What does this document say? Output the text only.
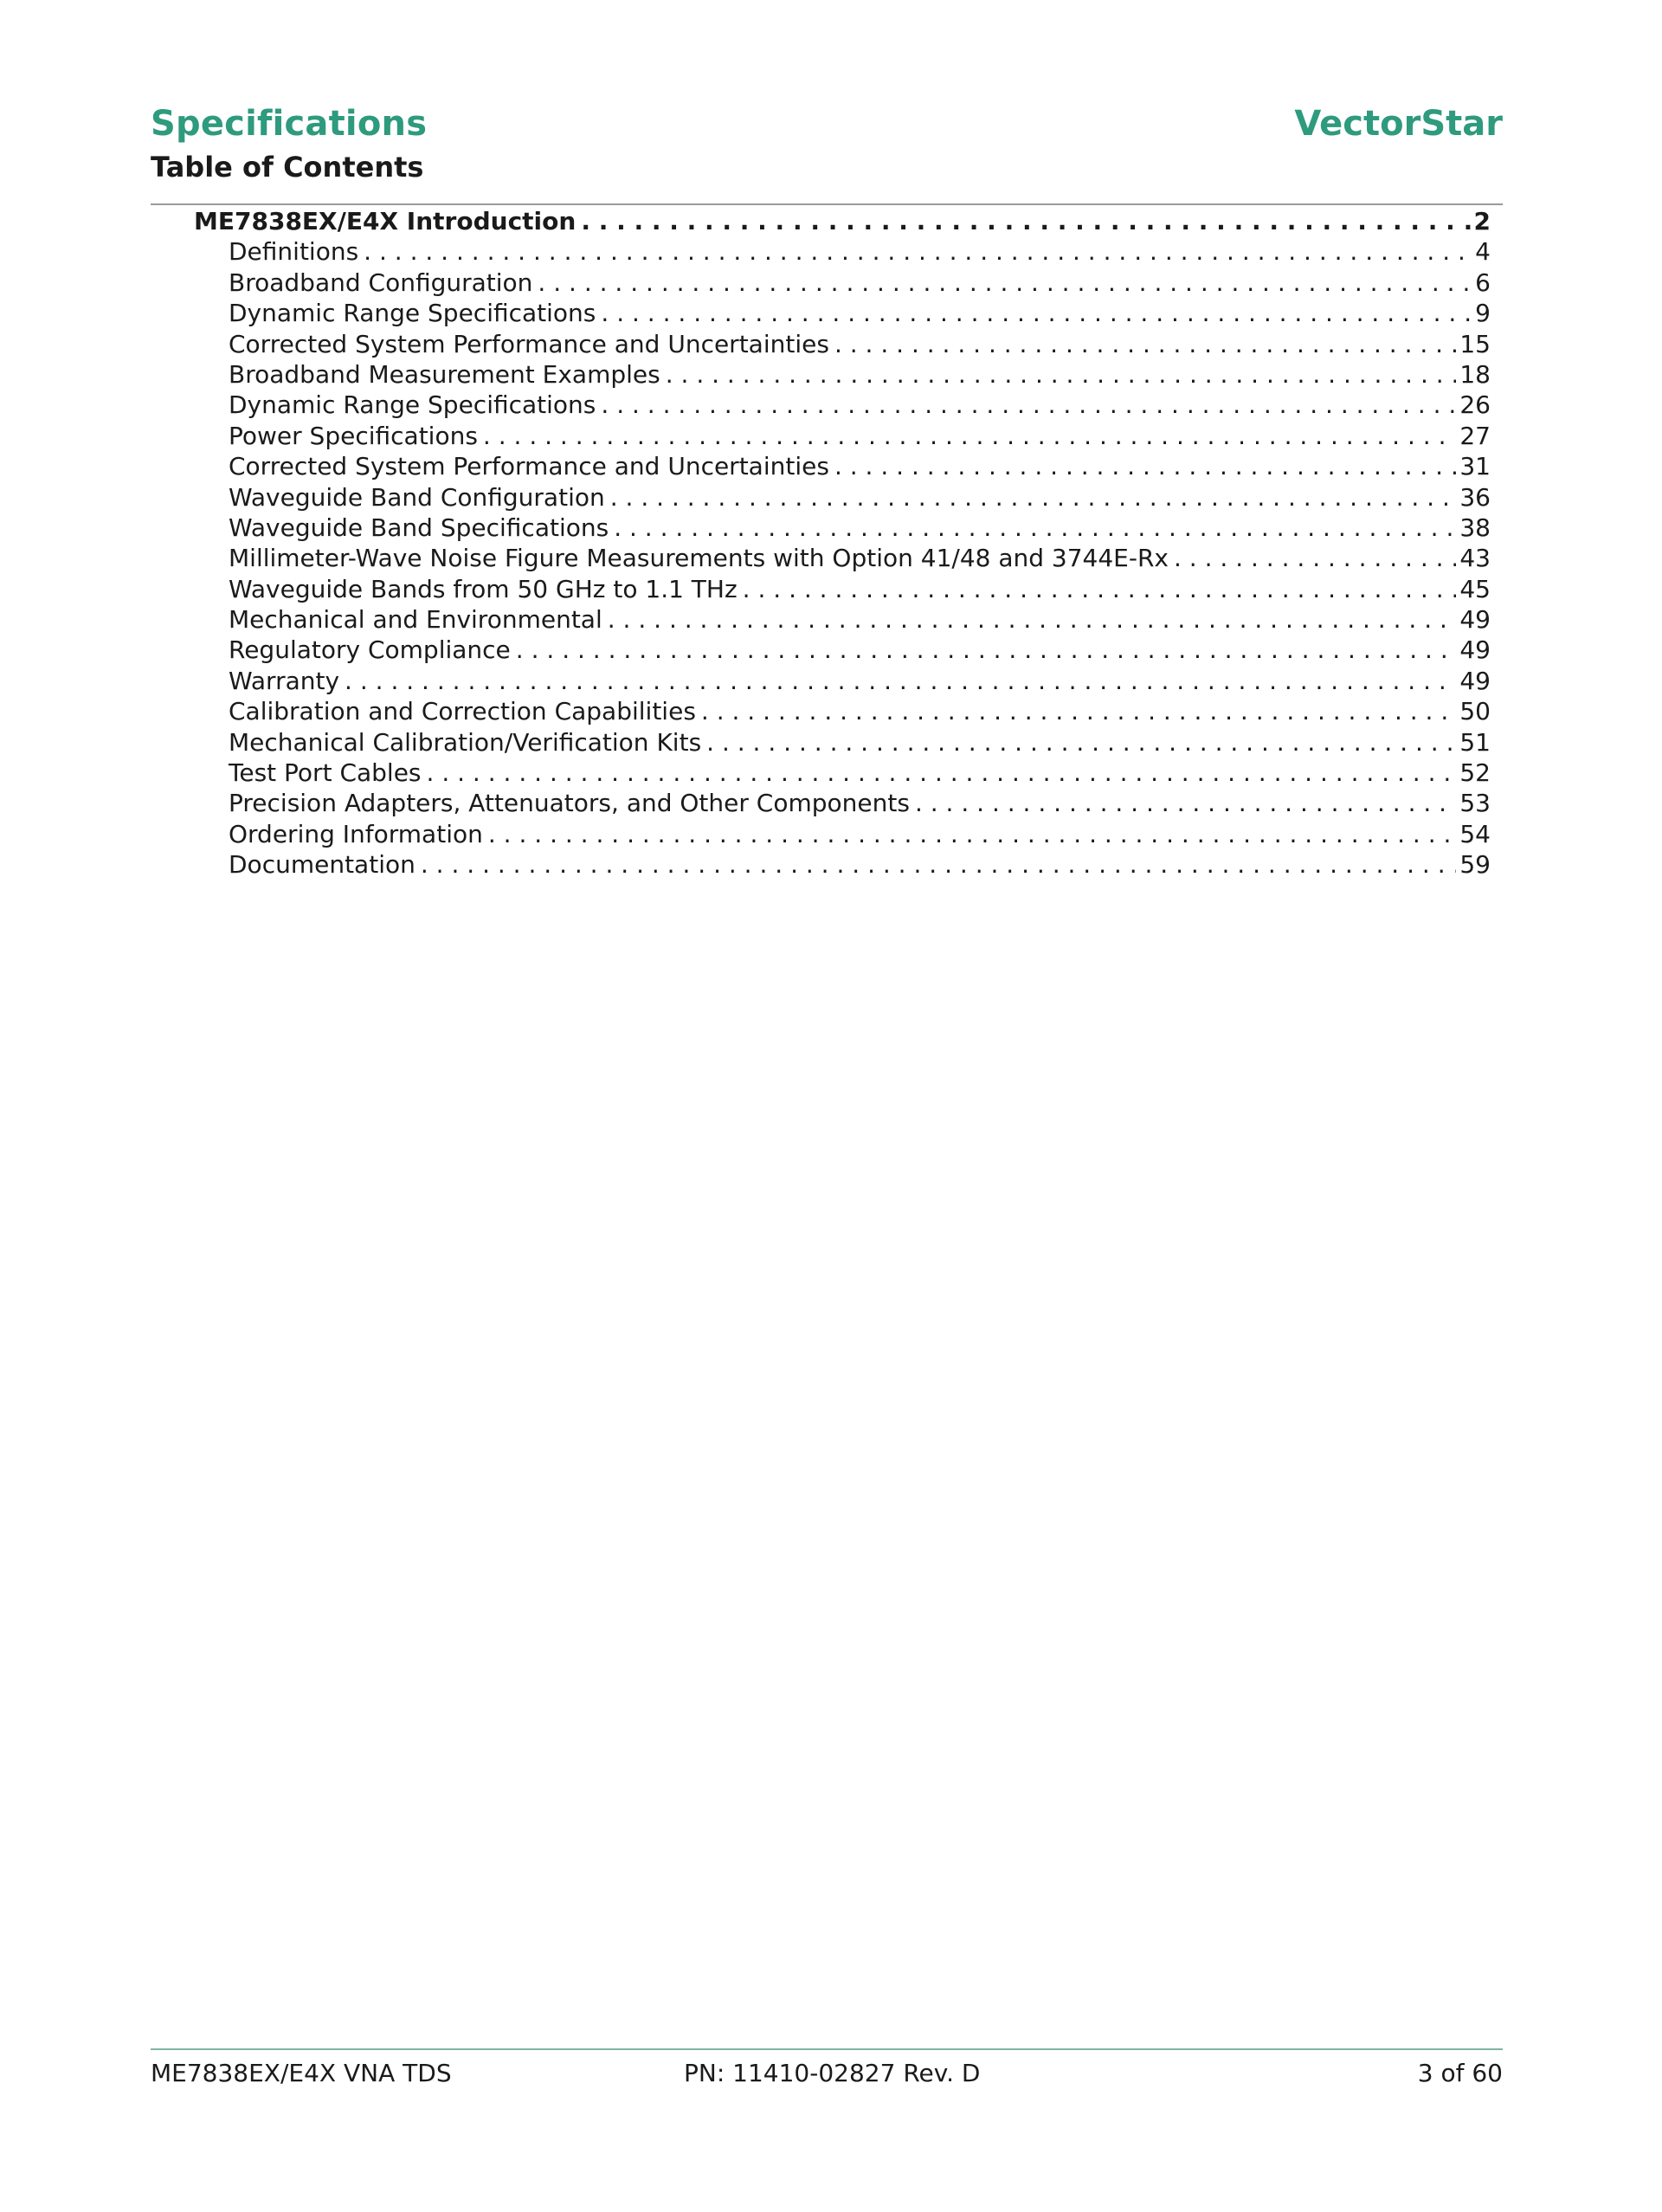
Specifications	VectorStar
Table of Contents
ME7838EX/E4X Introduction . . .	2
Definitions . . .	4
Broadband Configuration . . .	6
Dynamic Range Specifications . . .	9
Corrected System Performance and Uncertainties . . .	15
Broadband Measurement Examples . . .	18
Dynamic Range Specifications . . .	26
Power Specifications . . .	27
Corrected System Performance and Uncertainties . . .	31
Waveguide Band Configuration . . .	36
Waveguide Band Specifications . . .	38
Millimeter-Wave Noise Figure Measurements with Option 41/48 and 3744E-Rx . . .	43
Waveguide Bands from 50 GHz to 1.1 THz . . .	45
Mechanical and Environmental . . .	49
Regulatory Compliance . . .	49
Warranty . . .	49
Calibration and Correction Capabilities . . .	50
Mechanical Calibration/Verification Kits . . .	51
Test Port Cables . . .	52
Precision Adapters, Attenuators, and Other Components . . .	53
Ordering Information . . .	54
Documentation . . .	59
ME7838EX/E4X VNA TDS	PN: 11410-02827 Rev. D	3 of 60
